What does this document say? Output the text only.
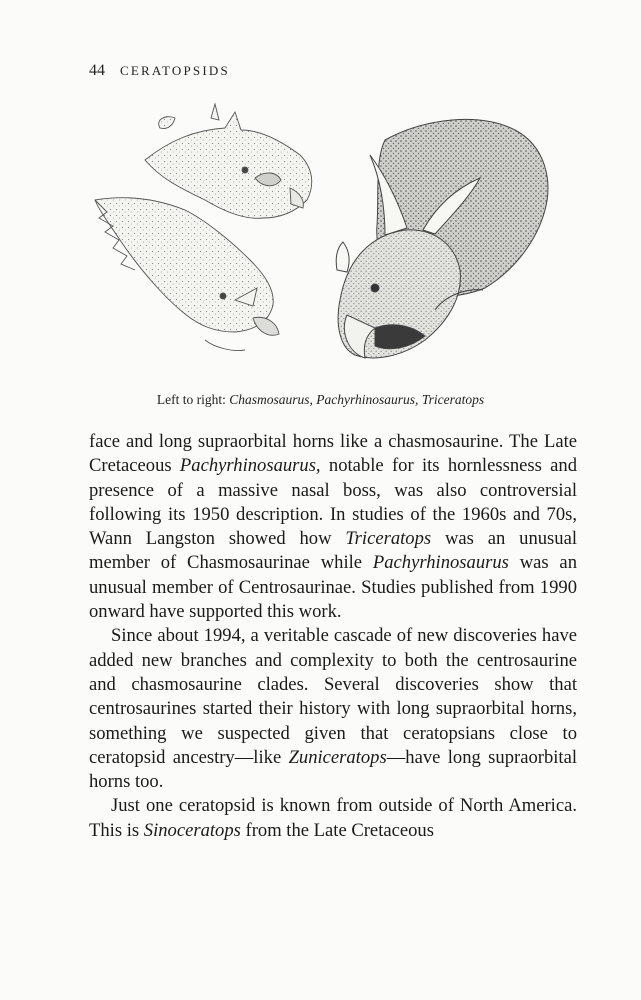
44 CERATOPSIDS
Left to right: Chasmosaurus, Pachyrhinosaurus, Triceratops

face and long supraorbital horns like a chasmosaurine. The Late Cretaceous Pachyrhinosaurus, notable for its hornlessness and presence of a massive nasal boss, was also controversial following its 1950 description. In studies of the 1960s and 70s, Wann Langston showed how Triceratops was an unusual member of Chasmosaurinae while Pachyrhinosaurus was an unusual member of Centrosaurinae. Studies published from 1990 onward have supported this work.

Since about 1994, a veritable cascade of new discoveries have added new branches and complexity to both the centrosaurine and chasmosaurine clades. Several discoveries show that centrosaurines started their history with long supraorbital horns, something we suspected given that ceratopsians close to ceratopsid ancestry—like Zuniceratops—have long supraorbital horns too.

Just one ceratopsid is known from outside of North America. This is Sinoceratops from the Late Cretaceous
